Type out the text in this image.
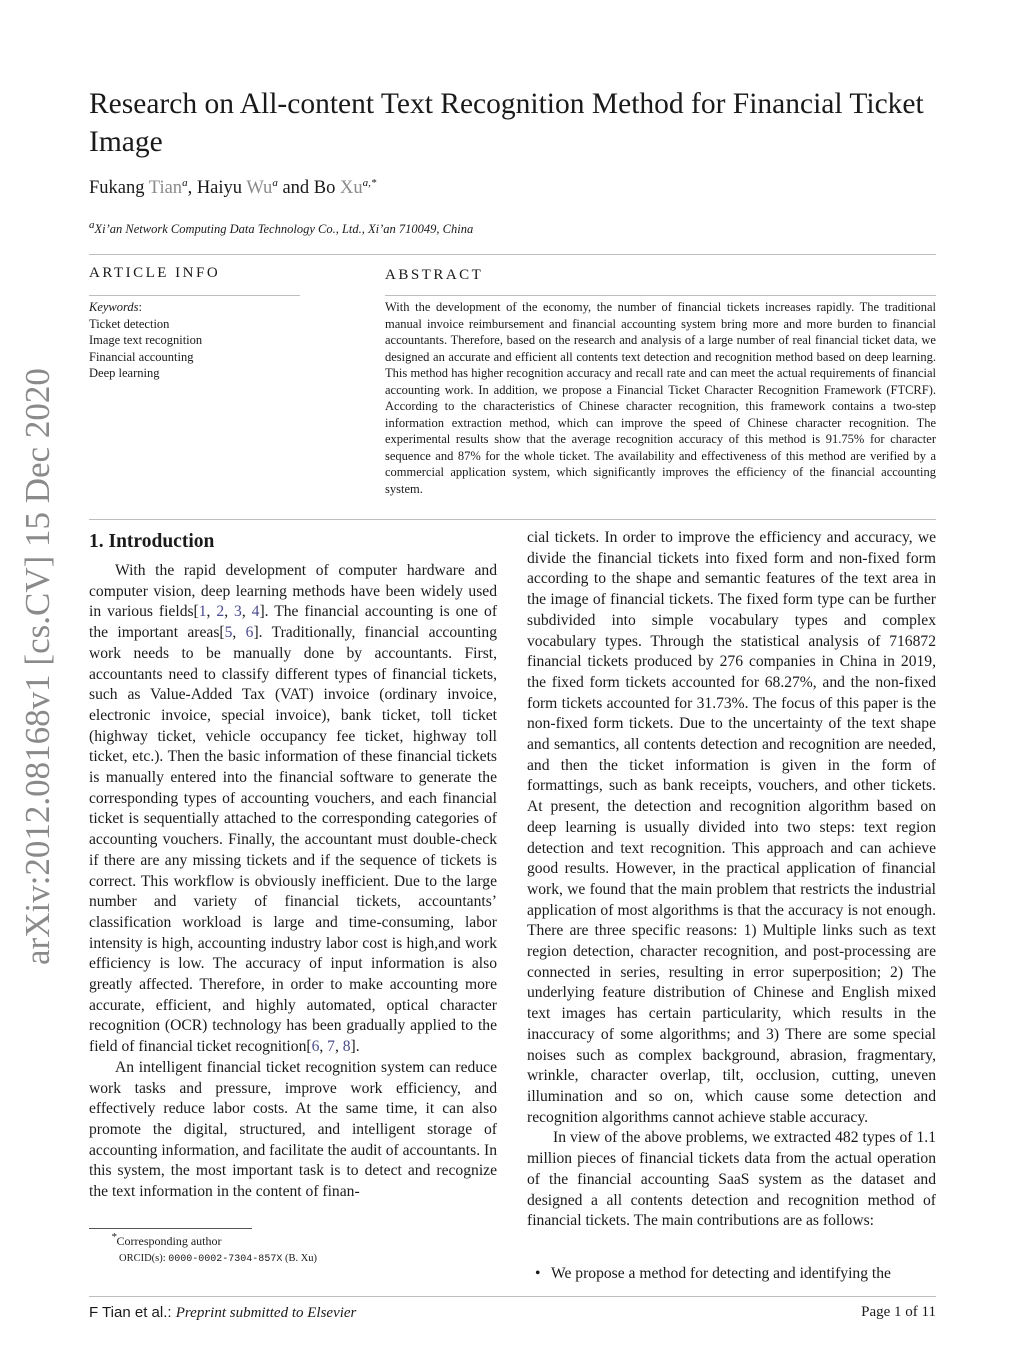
arXiv:2012.08168v1 [cs.CV] 15 Dec 2020
Research on All-content Text Recognition Method for Financial Ticket Image
Fukang Tian$^a$, Haiyu Wu$^a$ and Bo $Xu^{a,*}$
aXi’an Network Computing Data Technology Co., Ltd., Xi’an 710049, China
ARTICLE INFO	ABSTRACT
Keywords:
Ticket detection
Image text recognition
Financial accounting
Deep learning

With the development of the economy, the number of financial tickets increases rapidly. The traditional manual invoice reimbursement and financial accounting system bring more and more burden to financial accountants. Therefore, based on the research and analysis of a large number of real financial ticket data, we designed an accurate and efficient all contents text detection and recognition method based on deep learning. This method has higher recognition accuracy and recall rate and can meet the actual requirements of financial accounting work. In addition, we propose a Financial Ticket Character Recognition Framework (FTCRF). According to the characteristics of Chinese character recognition, this framework contains a two-step information extraction method, which can improve the speed of Chinese character recognition. The experimental results show that the average recognition accuracy of this method is 91.75% for character sequence and 87% for the whole ticket. The availability and effectiveness of this method are verified by a commercial application system, which significantly improves the efficiency of the financial accounting system.

1. Introduction

With the rapid development of computer hardware and computer vision, deep learning methods have been widely used in various fields[1, 2, 3, 4]. The financial accounting is one of the important areas[5, 6]. Traditionally, financial accounting work needs to be manually done by accountants. First, accountants need to classify different types of financial tickets, such as Value-Added Tax (VAT) invoice (ordinary invoice, electronic invoice, special invoice), bank ticket, toll ticket (highway ticket, vehicle occupancy fee ticket, highway toll ticket, etc.). Then the basic information of these financial tickets is manually entered into the financial software to generate the corresponding types of accounting vouchers, and each financial ticket is sequentially attached to the corresponding categories of accounting vouchers. Finally, the accountant must double-check if there are any missing tickets and if the sequence of tickets is correct. This workflow is obviously inefficient. Due to the large number and variety of financial tickets, accountants’ classification workload is large and time-consuming, labor intensity is high, accounting industry labor cost is high,and work efficiency is low. The accuracy of input information is also greatly affected. Therefore, in order to make accounting more accurate, efficient, and highly automated, optical character recognition (OCR) technology has been gradually applied to the field of financial ticket recognition[6, 7, 8].

An intelligent financial ticket recognition system can reduce work tasks and pressure, improve work efficiency, and effectively reduce labor costs. At the same time, it can also promote the digital, structured, and intelligent storage of accounting information, and facilitate the audit of accountants. In this system, the most important task is to detect and recognize the text information in the content of finan-

cial tickets. In order to improve the efficiency and accuracy, we divide the financial tickets into fixed form and non-fixed form according to the shape and semantic features of the text area in the image of financial tickets. The fixed form type can be further subdivided into simple vocabulary types and complex vocabulary types. Through the statistical analysis of 716872 financial tickets produced by 276 companies in China in 2019, the fixed form tickets accounted for 68.27%, and the non-fixed form tickets accounted for 31.73%. The focus of this paper is the non-fixed form tickets. Due to the uncertainty of the text shape and semantics, all contents detection and recognition are needed, and then the ticket information is given in the form of formattings, such as bank receipts, vouchers, and other tickets. At present, the detection and recognition algorithm based on deep learning is usually divided into two steps: text region detection and text recognition. This approach and can achieve good results. However, in the practical application of financial work, we found that the main problem that restricts the industrial application of most algorithms is that the accuracy is not enough. There are three specific reasons: 1) Multiple links such as text region detection, character recognition, and post-processing are connected in series, resulting in error superposition; 2) The underlying feature distribution of Chinese and English mixed text images has certain particularity, which results in the inaccuracy of some algorithms; and 3) There are some special noises such as complex background, abrasion, fragmentary, wrinkle, character overlap, tilt, occlusion, cutting, uneven illumination and so on, which cause some detection and recognition algorithms cannot achieve stable accuracy.

In view of the above problems, we extracted 482 types of 1.1 million pieces of financial tickets data from the actual operation of the financial accounting SaaS system as the dataset and designed a all contents detection and recognition method of financial tickets. The main contributions are as follows:

• We propose a method for detecting and identifying the
*Corresponding author
ORCID(s): 0000-0002-7304-857X (B. Xu)
F Tian et al.: Preprint submitted to Elsevier	Page 1 of 11
